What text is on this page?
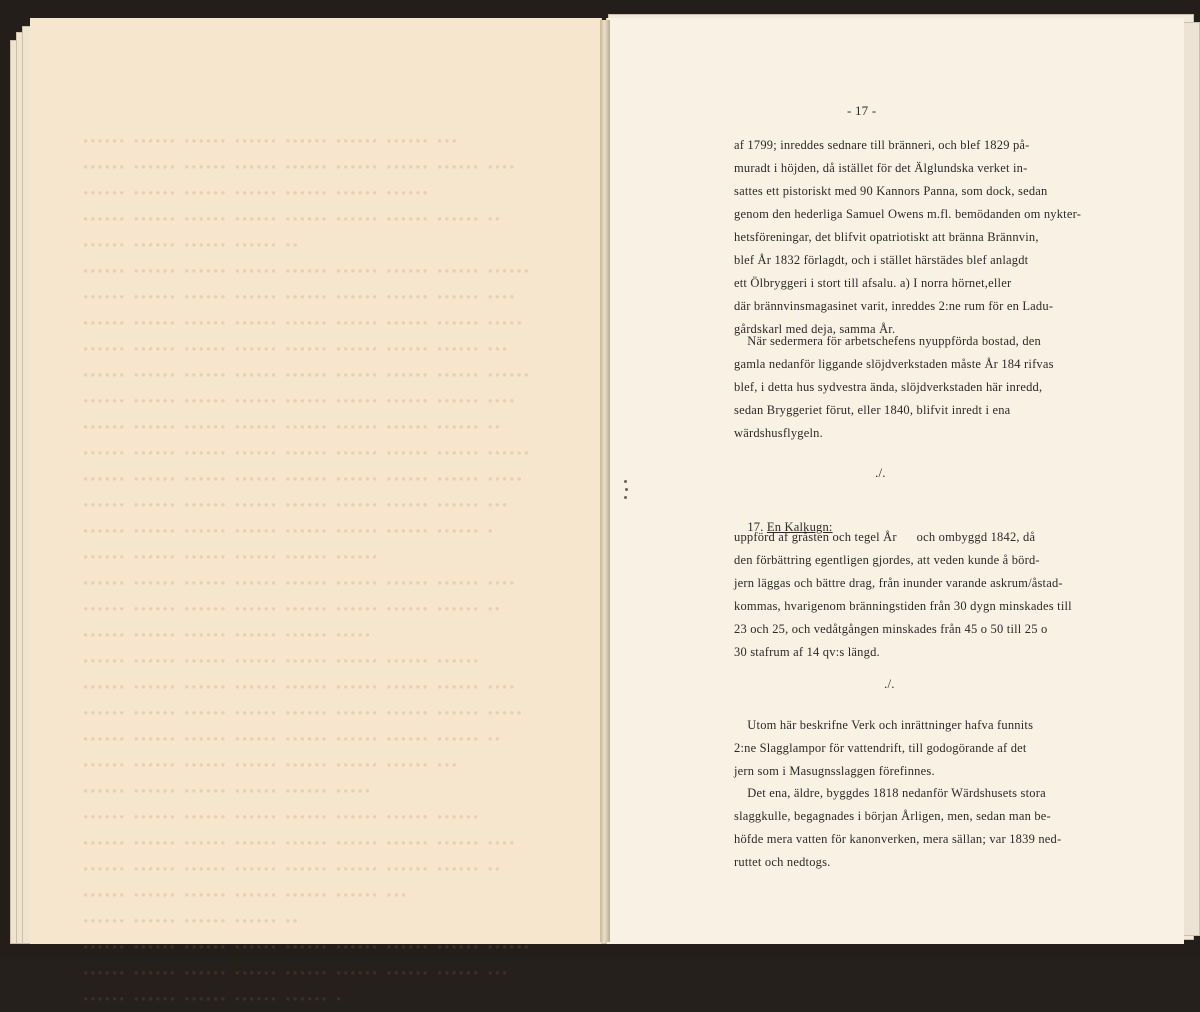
∙∙∙∙∙∙ ∙∙∙∙∙∙ ∙∙∙∙∙∙ ∙∙∙∙∙∙ ∙∙∙∙∙∙ ∙∙∙∙∙∙ ∙∙∙∙∙∙ ∙∙∙
∙∙∙∙∙∙ ∙∙∙∙∙∙ ∙∙∙∙∙∙ ∙∙∙∙∙∙ ∙∙∙∙∙∙ ∙∙∙∙∙∙ ∙∙∙∙∙∙ ∙∙∙∙∙∙ ∙∙∙∙
∙∙∙∙∙∙ ∙∙∙∙∙∙ ∙∙∙∙∙∙ ∙∙∙∙∙∙ ∙∙∙∙∙∙ ∙∙∙∙∙∙ ∙∙∙∙∙∙
∙∙∙∙∙∙ ∙∙∙∙∙∙ ∙∙∙∙∙∙ ∙∙∙∙∙∙ ∙∙∙∙∙∙ ∙∙∙∙∙∙ ∙∙∙∙∙∙ ∙∙∙∙∙∙ ∙∙
∙∙∙∙∙∙ ∙∙∙∙∙∙ ∙∙∙∙∙∙ ∙∙∙∙∙∙ ∙∙
∙∙∙∙∙∙ ∙∙∙∙∙∙ ∙∙∙∙∙∙ ∙∙∙∙∙∙ ∙∙∙∙∙∙ ∙∙∙∙∙∙ ∙∙∙∙∙∙ ∙∙∙∙∙∙ ∙∙∙∙∙∙
∙∙∙∙∙∙ ∙∙∙∙∙∙ ∙∙∙∙∙∙ ∙∙∙∙∙∙ ∙∙∙∙∙∙ ∙∙∙∙∙∙ ∙∙∙∙∙∙ ∙∙∙∙∙∙ ∙∙∙∙
∙∙∙∙∙∙ ∙∙∙∙∙∙ ∙∙∙∙∙∙ ∙∙∙∙∙∙ ∙∙∙∙∙∙ ∙∙∙∙∙∙ ∙∙∙∙∙∙ ∙∙∙∙∙∙ ∙∙∙∙∙
∙∙∙∙∙∙ ∙∙∙∙∙∙ ∙∙∙∙∙∙ ∙∙∙∙∙∙ ∙∙∙∙∙∙ ∙∙∙∙∙∙ ∙∙∙∙∙∙ ∙∙∙∙∙∙ ∙∙∙
∙∙∙∙∙∙ ∙∙∙∙∙∙ ∙∙∙∙∙∙ ∙∙∙∙∙∙ ∙∙∙∙∙∙ ∙∙∙∙∙∙ ∙∙∙∙∙∙ ∙∙∙∙∙∙ ∙∙∙∙∙∙
∙∙∙∙∙∙ ∙∙∙∙∙∙ ∙∙∙∙∙∙ ∙∙∙∙∙∙ ∙∙∙∙∙∙ ∙∙∙∙∙∙ ∙∙∙∙∙∙ ∙∙∙∙∙∙ ∙∙∙∙
∙∙∙∙∙∙ ∙∙∙∙∙∙ ∙∙∙∙∙∙ ∙∙∙∙∙∙ ∙∙∙∙∙∙ ∙∙∙∙∙∙ ∙∙∙∙∙∙ ∙∙∙∙∙∙ ∙∙
∙∙∙∙∙∙ ∙∙∙∙∙∙ ∙∙∙∙∙∙ ∙∙∙∙∙∙ ∙∙∙∙∙∙ ∙∙∙∙∙∙ ∙∙∙∙∙∙ ∙∙∙∙∙∙ ∙∙∙∙∙∙
∙∙∙∙∙∙ ∙∙∙∙∙∙ ∙∙∙∙∙∙ ∙∙∙∙∙∙ ∙∙∙∙∙∙ ∙∙∙∙∙∙ ∙∙∙∙∙∙ ∙∙∙∙∙∙ ∙∙∙∙∙
∙∙∙∙∙∙ ∙∙∙∙∙∙ ∙∙∙∙∙∙ ∙∙∙∙∙∙ ∙∙∙∙∙∙ ∙∙∙∙∙∙ ∙∙∙∙∙∙ ∙∙∙∙∙∙ ∙∙∙
∙∙∙∙∙∙ ∙∙∙∙∙∙ ∙∙∙∙∙∙ ∙∙∙∙∙∙ ∙∙∙∙∙∙ ∙∙∙∙∙∙ ∙∙∙∙∙∙ ∙∙∙∙∙∙ ∙
∙∙∙∙∙∙ ∙∙∙∙∙∙ ∙∙∙∙∙∙ ∙∙∙∙∙∙ ∙∙∙∙∙∙ ∙∙∙∙∙∙
∙∙∙∙∙∙ ∙∙∙∙∙∙ ∙∙∙∙∙∙ ∙∙∙∙∙∙ ∙∙∙∙∙∙ ∙∙∙∙∙∙ ∙∙∙∙∙∙ ∙∙∙∙∙∙ ∙∙∙∙
∙∙∙∙∙∙ ∙∙∙∙∙∙ ∙∙∙∙∙∙ ∙∙∙∙∙∙ ∙∙∙∙∙∙ ∙∙∙∙∙∙ ∙∙∙∙∙∙ ∙∙∙∙∙∙ ∙∙
∙∙∙∙∙∙ ∙∙∙∙∙∙ ∙∙∙∙∙∙ ∙∙∙∙∙∙ ∙∙∙∙∙∙ ∙∙∙∙∙
∙∙∙∙∙∙ ∙∙∙∙∙∙ ∙∙∙∙∙∙ ∙∙∙∙∙∙ ∙∙∙∙∙∙ ∙∙∙∙∙∙ ∙∙∙∙∙∙ ∙∙∙∙∙∙
∙∙∙∙∙∙ ∙∙∙∙∙∙ ∙∙∙∙∙∙ ∙∙∙∙∙∙ ∙∙∙∙∙∙ ∙∙∙∙∙∙ ∙∙∙∙∙∙ ∙∙∙∙∙∙ ∙∙∙∙
∙∙∙∙∙∙ ∙∙∙∙∙∙ ∙∙∙∙∙∙ ∙∙∙∙∙∙ ∙∙∙∙∙∙ ∙∙∙∙∙∙ ∙∙∙∙∙∙ ∙∙∙∙∙∙ ∙∙∙∙∙
∙∙∙∙∙∙ ∙∙∙∙∙∙ ∙∙∙∙∙∙ ∙∙∙∙∙∙ ∙∙∙∙∙∙ ∙∙∙∙∙∙ ∙∙∙∙∙∙ ∙∙∙∙∙∙ ∙∙
∙∙∙∙∙∙ ∙∙∙∙∙∙ ∙∙∙∙∙∙ ∙∙∙∙∙∙ ∙∙∙∙∙∙ ∙∙∙∙∙∙ ∙∙∙∙∙∙ ∙∙∙
∙∙∙∙∙∙ ∙∙∙∙∙∙ ∙∙∙∙∙∙ ∙∙∙∙∙∙ ∙∙∙∙∙∙ ∙∙∙∙∙
∙∙∙∙∙∙ ∙∙∙∙∙∙ ∙∙∙∙∙∙ ∙∙∙∙∙∙ ∙∙∙∙∙∙ ∙∙∙∙∙∙ ∙∙∙∙∙∙ ∙∙∙∙∙∙
∙∙∙∙∙∙ ∙∙∙∙∙∙ ∙∙∙∙∙∙ ∙∙∙∙∙∙ ∙∙∙∙∙∙ ∙∙∙∙∙∙ ∙∙∙∙∙∙ ∙∙∙∙∙∙ ∙∙∙∙
∙∙∙∙∙∙ ∙∙∙∙∙∙ ∙∙∙∙∙∙ ∙∙∙∙∙∙ ∙∙∙∙∙∙ ∙∙∙∙∙∙ ∙∙∙∙∙∙ ∙∙∙∙∙∙ ∙∙
∙∙∙∙∙∙ ∙∙∙∙∙∙ ∙∙∙∙∙∙ ∙∙∙∙∙∙ ∙∙∙∙∙∙ ∙∙∙∙∙∙ ∙∙∙
∙∙∙∙∙∙ ∙∙∙∙∙∙ ∙∙∙∙∙∙ ∙∙∙∙∙∙ ∙∙
∙∙∙∙∙∙ ∙∙∙∙∙∙ ∙∙∙∙∙∙ ∙∙∙∙∙∙ ∙∙∙∙∙∙ ∙∙∙∙∙∙ ∙∙∙∙∙∙ ∙∙∙∙∙∙ ∙∙∙∙∙∙
∙∙∙∙∙∙ ∙∙∙∙∙∙ ∙∙∙∙∙∙ ∙∙∙∙∙∙ ∙∙∙∙∙∙ ∙∙∙∙∙∙ ∙∙∙∙∙∙ ∙∙∙∙∙∙ ∙∙∙
∙∙∙∙∙∙ ∙∙∙∙∙∙ ∙∙∙∙∙∙ ∙∙∙∙∙∙ ∙∙∙∙∙∙ ∙
- 17 -

af 1799; inreddes sednare till bränneri, och blef 1829 på-

muradt i höjden, då istället för det Älglundska verket in-

sattes ett pistoriskt med 90 Kannors Panna, som dock, sedan

genom den hederliga Samuel Owens m.fl. bemödanden om nykter-

hetsföreningar, det blifvit opatriotiskt att bränna Brännvin,

blef År 1832 förlagdt, och i stället härstädes blef anlagdt

ett Ölbryggeri i stort till afsalu. a) I norra hörnet,eller

där brännvinsmagasinet varit, inreddes 2:ne rum för en Ladu-

gårdskarl med deja, samma År.

När sedermera för arbetschefens nyuppförda bostad, den

gamla nedanför liggande slöjdverkstaden måste År 184 rifvas

blef, i detta hus sydvestra ända, slöjdverkstaden här inredd,

sedan Bryggeriet förut, eller 1840, blifvit inredt i ena

wärdshusflygeln.

./.

17. En Kalkugn:

uppförd af gråsten och tegel År      och ombyggd 1842, då

den förbättring egentligen gjordes, att veden kunde å börd-

jern läggas och bättre drag, från inunder varande askrum/åstad-

kommas, hvarigenom bränningstiden från 30 dygn minskades till

23 och 25, och vedåtgången minskades från 45 o 50 till 25 o

30 stafrum af 14 qv:s längd.

./.

Utom här beskrifne Verk och inrättninger hafva funnits

2:ne Slagglampor för vattendrift, till godogörande af det

jern som i Masugnsslaggen förefinnes.

Det ena, äldre, byggdes 1818 nedanför Wärdshusets stora

slaggkulle, begagnades i början Årligen, men, sedan man be-

höfde mera vatten för kanonverken, mera sällan; var 1839 ned-

ruttet och nedtogs.
